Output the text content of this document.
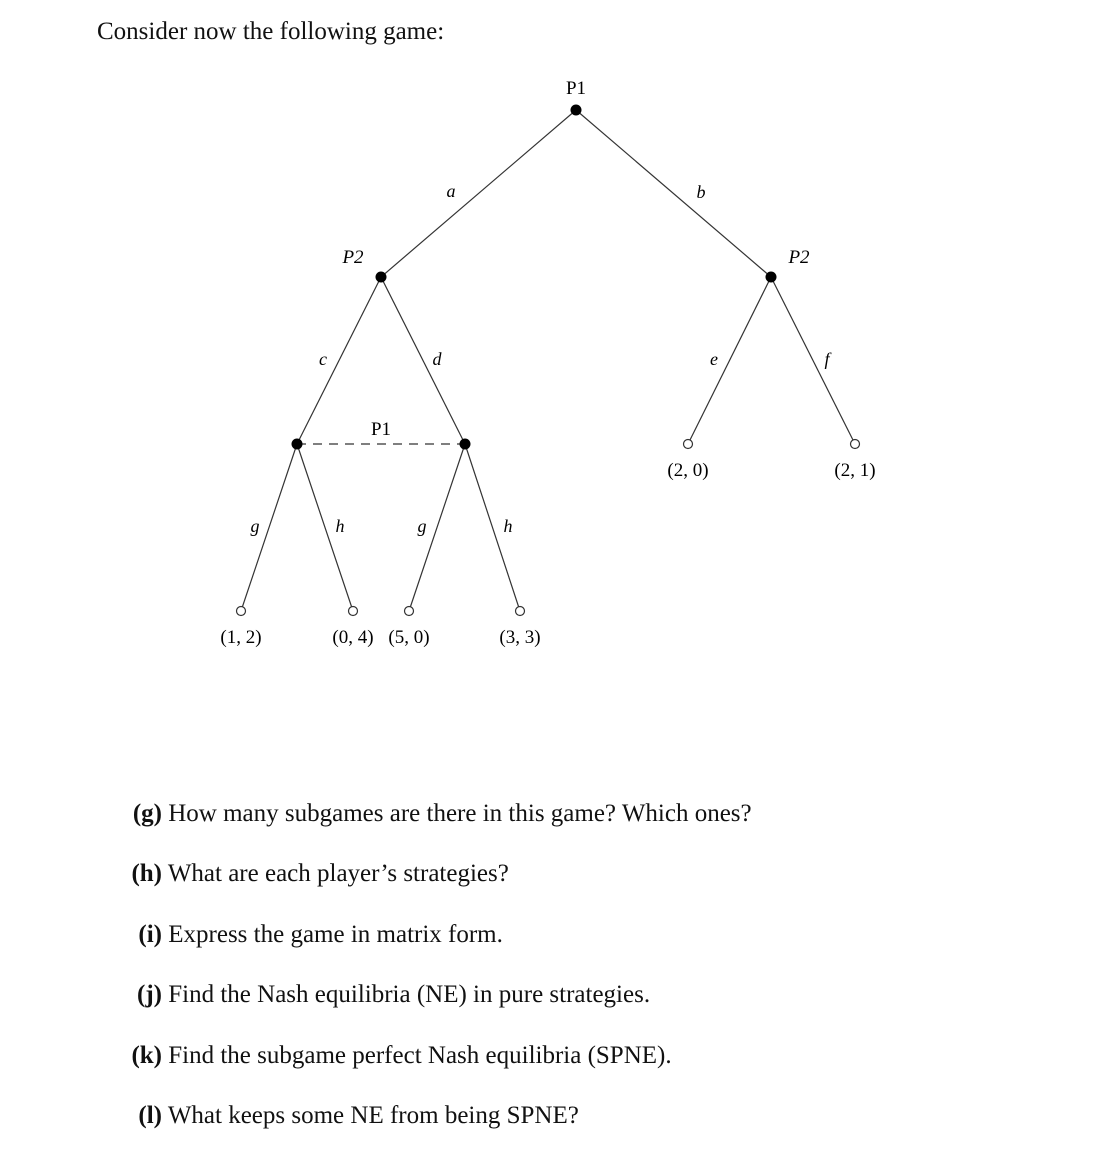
Consider now the following game:

P1
P2	P2
P1
a	b
c	d	e	f
g	h	g	h
(1, 2)	(0, 4) (5, 0)	(3, 3)
(2, 0)	(2, 1)
(g) How many subgames are there in this game? Which ones?
(h) What are each player’s strategies?
(i) Express the game in matrix form.
(j) Find the Nash equilibria (NE) in pure strategies.
(k) Find the subgame perfect Nash equilibria (SPNE).
(l) What keeps some NE from being SPNE?
